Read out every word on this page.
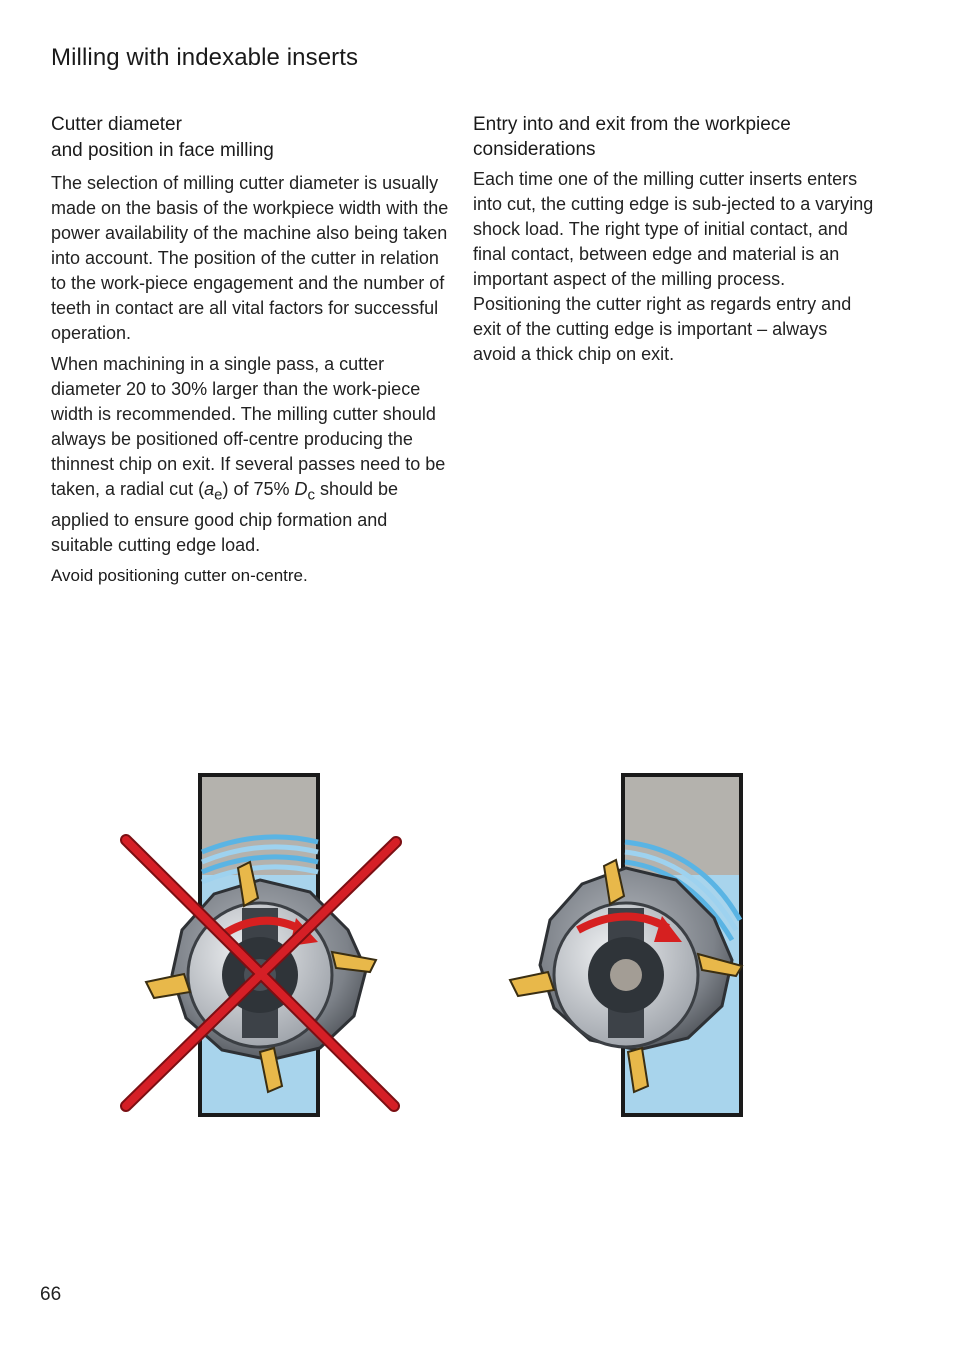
Milling with indexable inserts
Cutter diameter
and position in face milling

The selection of milling cutter diameter is usually made on the basis of the workpiece width with the power availability of the machine also being taken into account. The position of the cutter in relation to the work-piece engagement and the number of teeth in contact are all vital factors for successful operation.

When machining in a single pass, a cutter diameter 20 to 30% larger than the work-piece width is recommended. The milling cutter should always be positioned off-centre producing the thinnest chip on exit. If several passes need to be taken, a radial cut $(a_e)$ of 75% $D_c$ should be applied to ensure good chip formation and suitable cutting edge load.

Avoid positioning cutter on-centre.

Entry into and exit from the workpiece considerations

Each time one of the milling cutter inserts enters into cut, the cutting edge is sub-jected to a varying shock load. The right type of initial contact, and final contact, between edge and material is an important aspect of the milling process. Positioning the cutter right as regards entry and exit of the cutting edge is important – always avoid a thick chip on exit.

66
